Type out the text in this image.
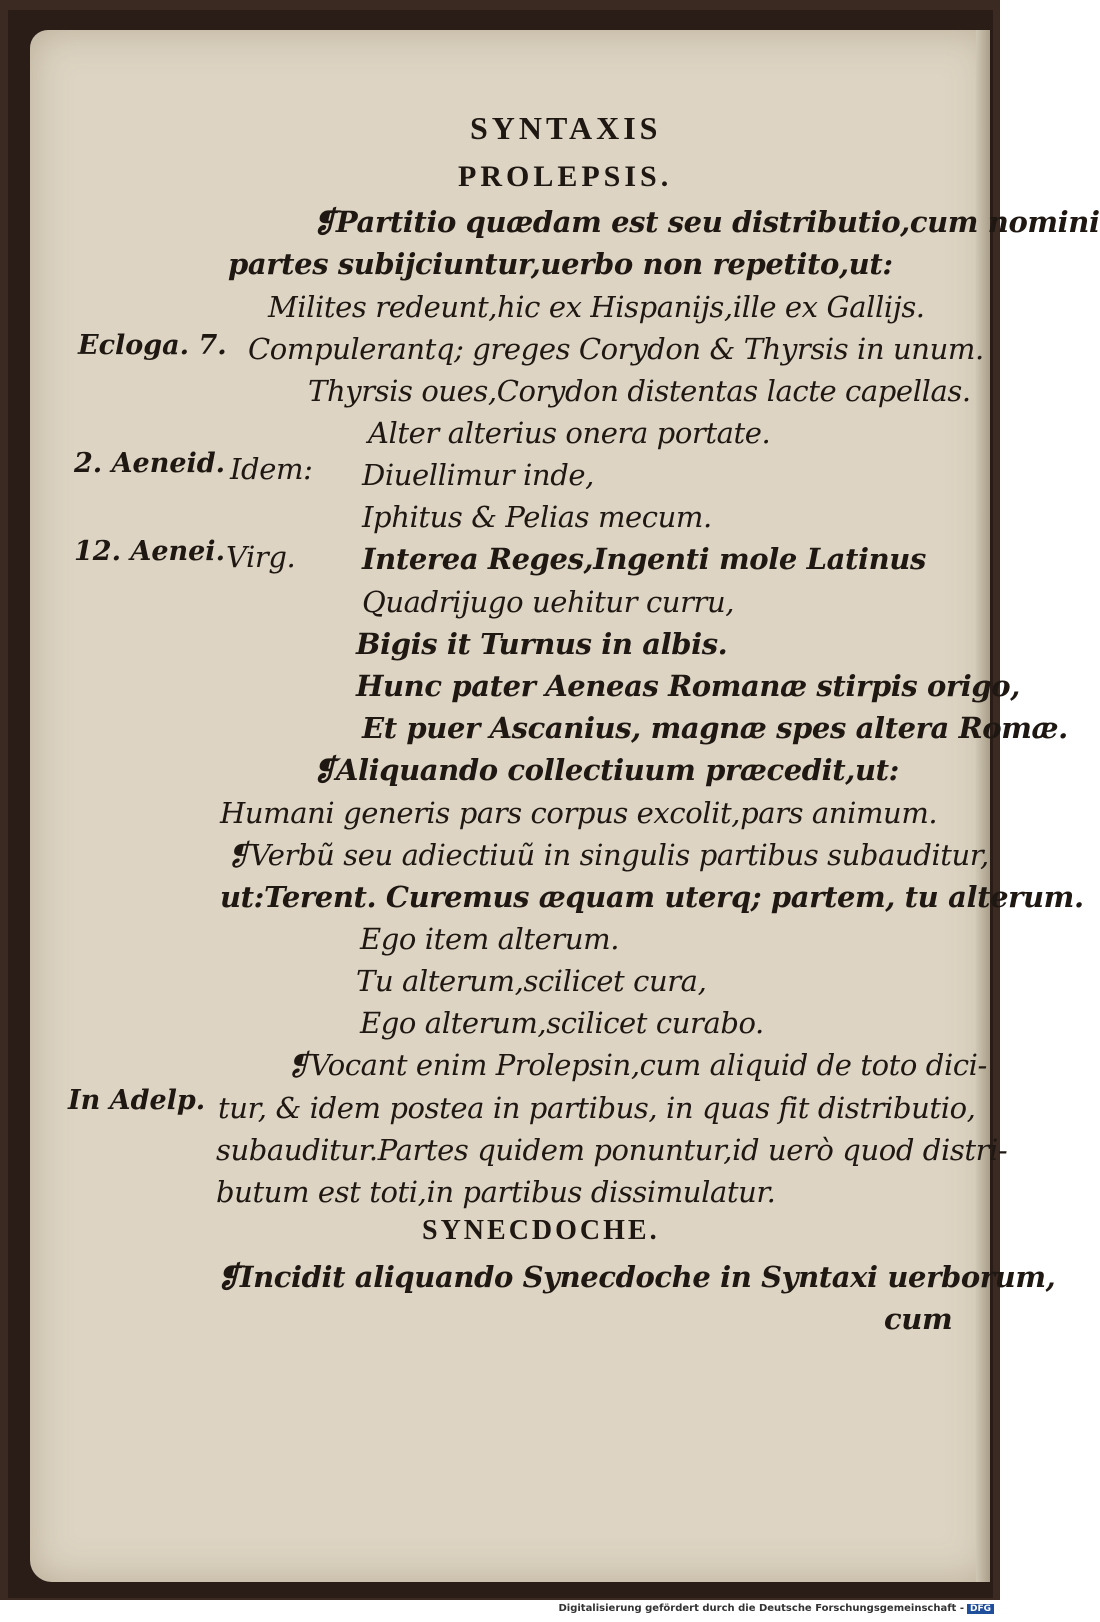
SYNTAXIS
PROLEPSIS.
Ecloga. 7.
2. Aeneid.
12. Aenei.
In Adelp.
Idem:
Virg.
❡Partitio quædam est seu distributio,cum nomini
partes subijciuntur,uerbo non repetito,ut:
Milites redeunt,hic ex Hispanijs,ille ex Gallijs.
Compulerantq; greges Corydon & Thyrsis in unum.
Thyrsis oues,Corydon distentas lacte capellas.
Alter alterius onera portate.
Diuellimur inde,
Iphitus & Pelias mecum.
Interea Reges,Ingenti mole Latinus
Quadrijugo uehitur curru,
Bigis it Turnus in albis.
Hunc pater Aeneas Romanæ stirpis origo,
Et puer Ascanius, magnæ spes altera Romæ.
❡Aliquando collectiuum præcedit,ut:
Humani generis pars corpus excolit,pars animum.
❡Verbũ seu adiectiuũ in singulis partibus subauditur,
ut:Terent. Curemus æquam uterq; partem, tu alterum.
Ego item alterum.
Tu alterum,scilicet cura,
Ego alterum,scilicet curabo.
❡Vocant enim Prolepsin,cum aliquid de toto dici-
tur, & idem postea in partibus, in quas fit distributio,
subauditur.Partes quidem ponuntur,id uerò quod distri-
butum est toti,in partibus dissimulatur.
SYNECDOCHE.
❡Incidit aliquando Synecdoche in Syntaxi uerborum,
cum
Digitalisierung gefördert durch die Deutsche Forschungsgemeinschaft - DFG
